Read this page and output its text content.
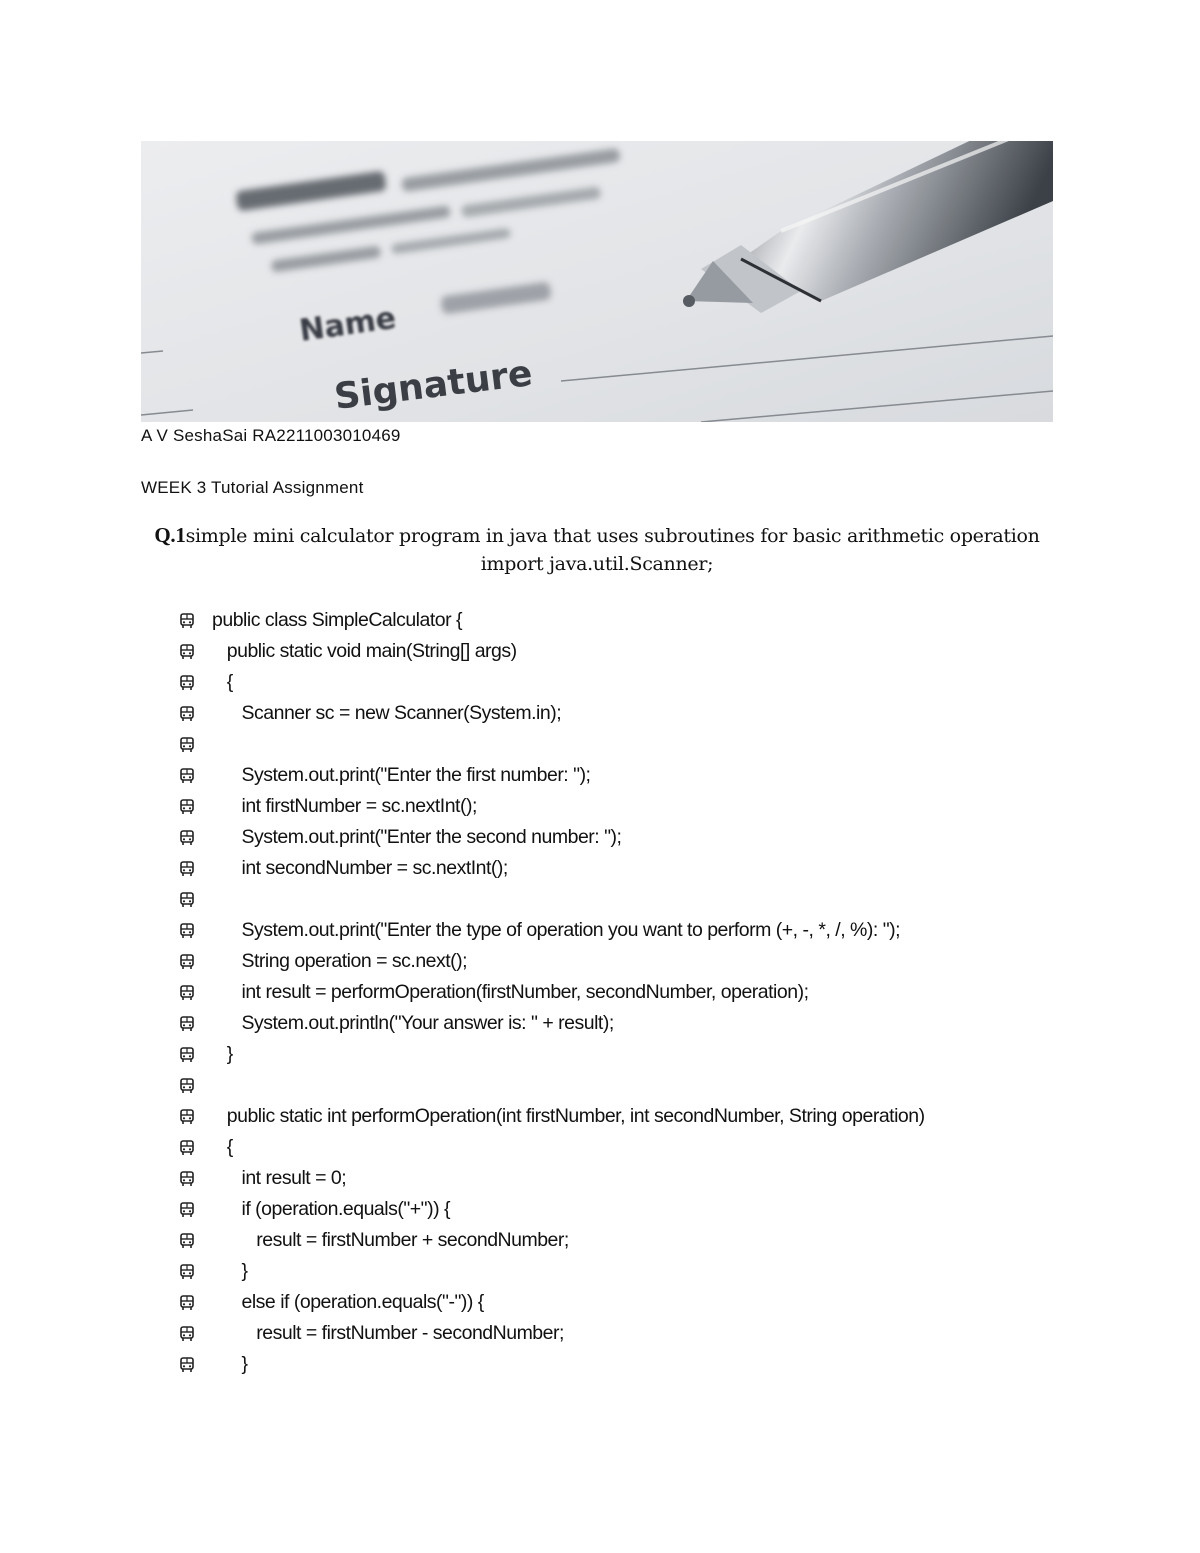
Name
Signature
A V SeshaSai RA2211003010469
WEEK 3 Tutorial Assignment
Q.1simple mini calculator program in java that uses subroutines for basic arithmetic operation
import java.util.Scanner;
public class SimpleCalculator {
public static void main(String[] args)
{
Scanner sc = new Scanner(System.in);
System.out.print("Enter the first number: ");
int firstNumber = sc.nextInt();
System.out.print("Enter the second number: ");
int secondNumber = sc.nextInt();
System.out.print("Enter the type of operation you want to perform (+, -, *, /, %): ");
String operation = sc.next();
int result = performOperation(firstNumber, secondNumber, operation);
System.out.println("Your answer is: " + result);
}
public static int performOperation(int firstNumber, int secondNumber, String operation)
{
int result = 0;
if (operation.equals("+")) {
result = firstNumber + secondNumber;
}
else if (operation.equals("-")) {
result = firstNumber - secondNumber;
}
